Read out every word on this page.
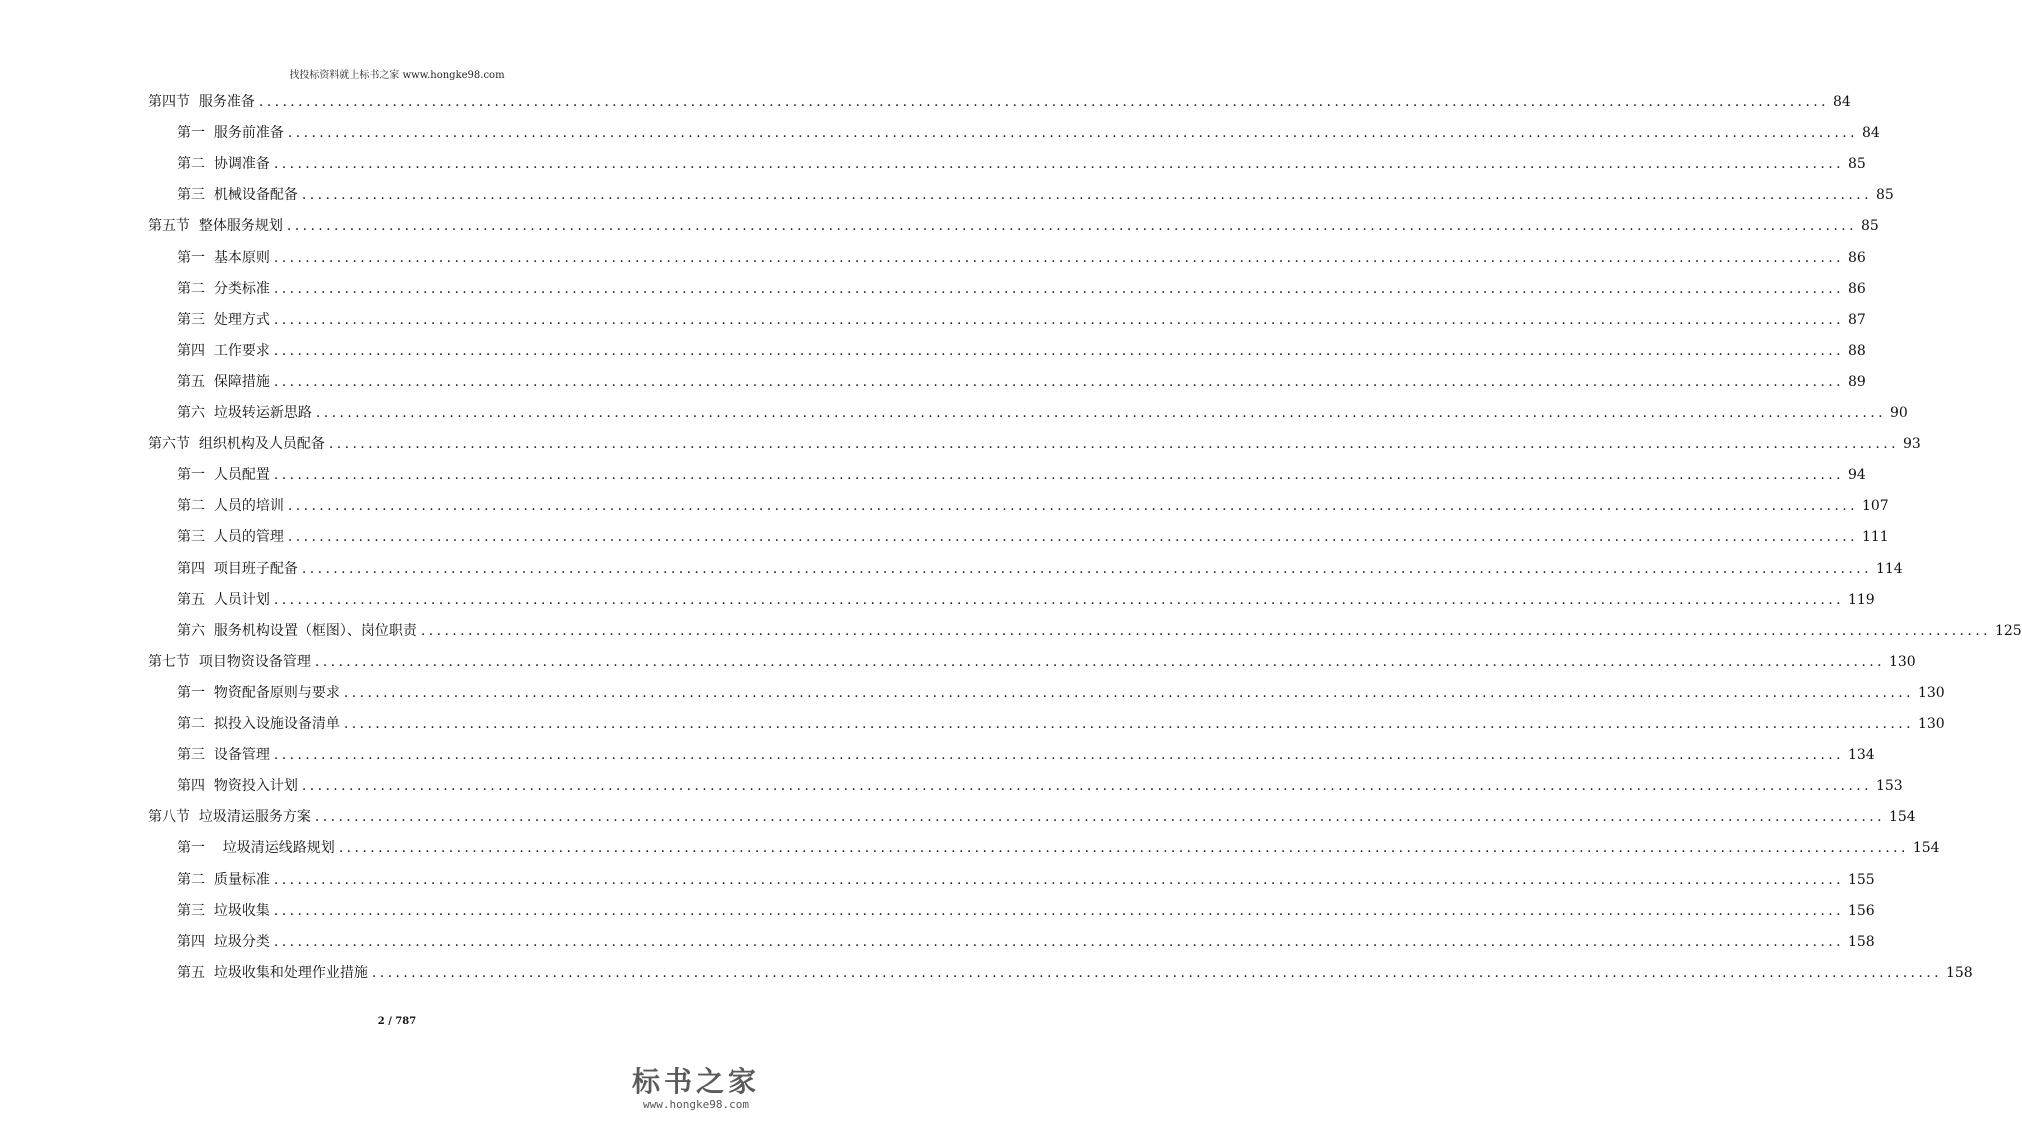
找投标资料就上标书之家 www.hongke98.com
第四节  服务准备 ........................................................................................................................................................................................................ 84
第一  服务前准备 ........................................................................................................................................................................................................ 84
第二  协调准备 ........................................................................................................................................................................................................ 85
第三  机械设备配备 ........................................................................................................................................................................................................ 85
第五节  整体服务规划 ........................................................................................................................................................................................................ 85
第一  基本原则 ........................................................................................................................................................................................................ 86
第二  分类标准 ........................................................................................................................................................................................................ 86
第三  处理方式 ........................................................................................................................................................................................................ 87
第四  工作要求 ........................................................................................................................................................................................................ 88
第五  保障措施 ........................................................................................................................................................................................................ 89
第六  垃圾转运新思路 ........................................................................................................................................................................................................ 90
第六节  组织机构及人员配备 ........................................................................................................................................................................................................ 93
第一  人员配置 ........................................................................................................................................................................................................ 94
第二  人员的培训 ........................................................................................................................................................................................................ 107
第三  人员的管理 ........................................................................................................................................................................................................ 111
第四  项目班子配备 ........................................................................................................................................................................................................ 114
第五  人员计划 ........................................................................................................................................................................................................ 119
第六  服务机构设置（框图）、岗位职责 ........................................................................................................................................................................................................ 125
第七节  项目物资设备管理 ........................................................................................................................................................................................................ 130
第一  物资配备原则与要求 ........................................................................................................................................................................................................ 130
第二  拟投入设施设备清单 ........................................................................................................................................................................................................ 130
第三  设备管理 ........................................................................................................................................................................................................ 134
第四  物资投入计划 ........................................................................................................................................................................................................ 153
第八节  垃圾清运服务方案 ........................................................................................................................................................................................................ 154
第一    垃圾清运线路规划 ........................................................................................................................................................................................................ 154
第二  质量标准 ........................................................................................................................................................................................................ 155
第三  垃圾收集 ........................................................................................................................................................................................................ 156
第四  垃圾分类 ........................................................................................................................................................................................................ 158
第五  垃圾收集和处理作业措施 ........................................................................................................................................................................................................ 158
2 / 787
标书之家
www.hongke98.com
